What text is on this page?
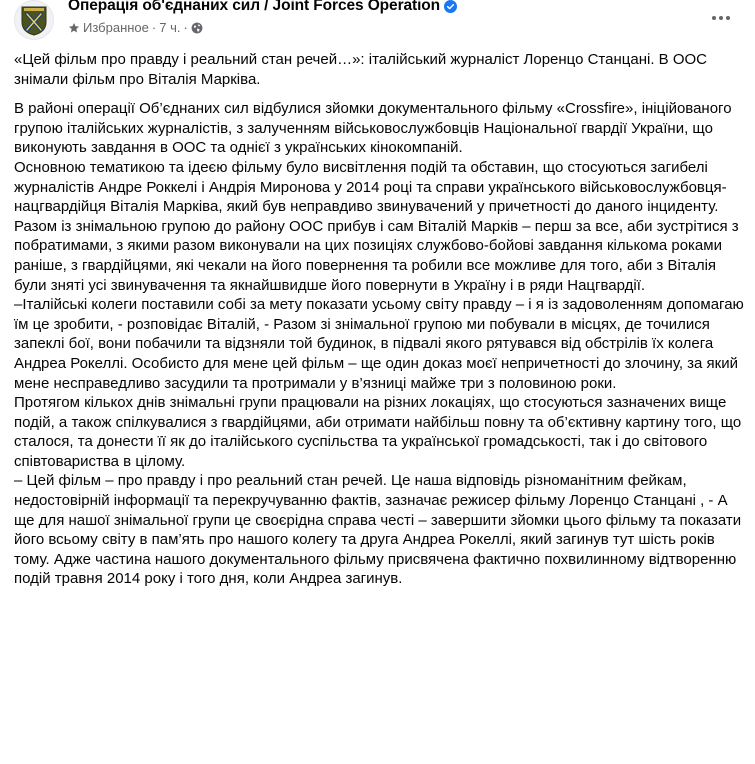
Операція об'єднаних сил / Joint Forces Operation
Избранное · 7 ч. ·

«Цей фільм про правду і реальний стан речей…»: італійський журналіст Лоренцо Станцані. В ООС знімали фільм про Віталія Марківа.

В районі операції Об’єднаних сил відбулися зйомки документального фільму «Crossfire», ініційованого групою італійських журналістів, з залученням військовослужбовців Національної гвардії України, що виконують завдання в ООС та однієї з українських кінокомпаній.

Основною тематикою та ідеєю фільму було висвітлення подій та обставин, що стосуються загибелі журналістів Андре Роккелі і Андрія Миронова у 2014 році та справи українського військовослужбовця-нацгвардійця Віталія Марківа, який був неправдиво звинувачений у причетності до даного інциденту.

Разом із знімальною групою до району ООС прибув і сам Віталій Марків – перш за все, аби зустрітися з побратимами, з якими разом виконували на цих позиціях службово-бойові завдання кількома роками раніше, з гвардійцями, які чекали на його повернення та робили все можливе для того, аби з Віталія були зняті усі звинувачення та якнайшвидше його повернути в Україну і в ряди Нацгвардії.

–Італійські колеги поставили собі за мету показати усьому світу правду – і я із задоволенням допомагаю їм це зробити, - розповідає Віталій, - Разом зі знімальної групою ми побували в місцях, де точилися запеклі бої, вони побачили та відзняли той будинок, в підвалі якого рятувався від обстрілів їх колега Андреа Рокеллі. Особисто для мене цей фільм – ще один доказ моєї непричетності до злочину, за який мене несправедливо засудили та протримали у в’язниці майже три з половиною роки.

Протягом кількох днів знімальні групи працювали на різних локаціях, що стосуються зазначених вище подій, а також спілкувалися з гвардійцями, аби отримати найбільш повну та об’єктивну картину того, що сталося, та донести її як до італійського суспільства та української громадськості, так і до світового співтовариства в цілому.

– Цей фільм – про правду і про реальний стан речей. Це наша відповідь різноманітним фейкам, недостовірній інформації та перекручуванню фактів, зазначає режисер фільму Лоренцо Станцані , - А ще для нашої знімальної групи це своєрідна справа честі – завершити зйомки цього фільму та показати його всьому світу в пам’ять про нашого колегу та друга Андреа Рокеллі, який загинув тут шість років тому. Адже частина нашого документального фільму присвячена фактично похвилинному відтворенню подій травня 2014 року і того дня, коли Андреа загинув.
